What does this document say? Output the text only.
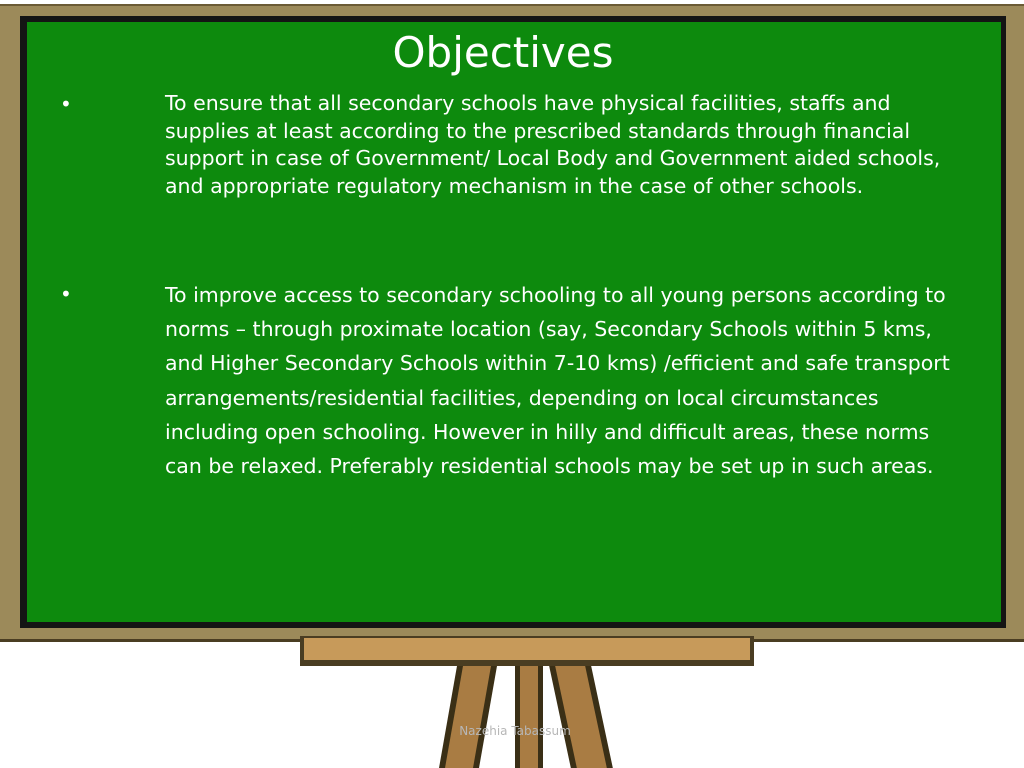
Objectives
•	To ensure that all secondary schools have physical facilities, staffs and supplies at least according to the prescribed standards through financial support in case of Government/ Local Body and Government aided schools, and appropriate regulatory mechanism in the case of other schools.
•	To improve access to secondary schooling to all young persons according to norms – through proximate location (say, Secondary Schools within 5 kms, and Higher Secondary Schools within 7-10 kms) /efficient and safe transport arrangements/residential facilities, depending on local circumstances including open schooling. However in hilly and difficult areas, these norms can be relaxed. Preferably residential schools may be set up in such areas.
Nazehia Tabassum
